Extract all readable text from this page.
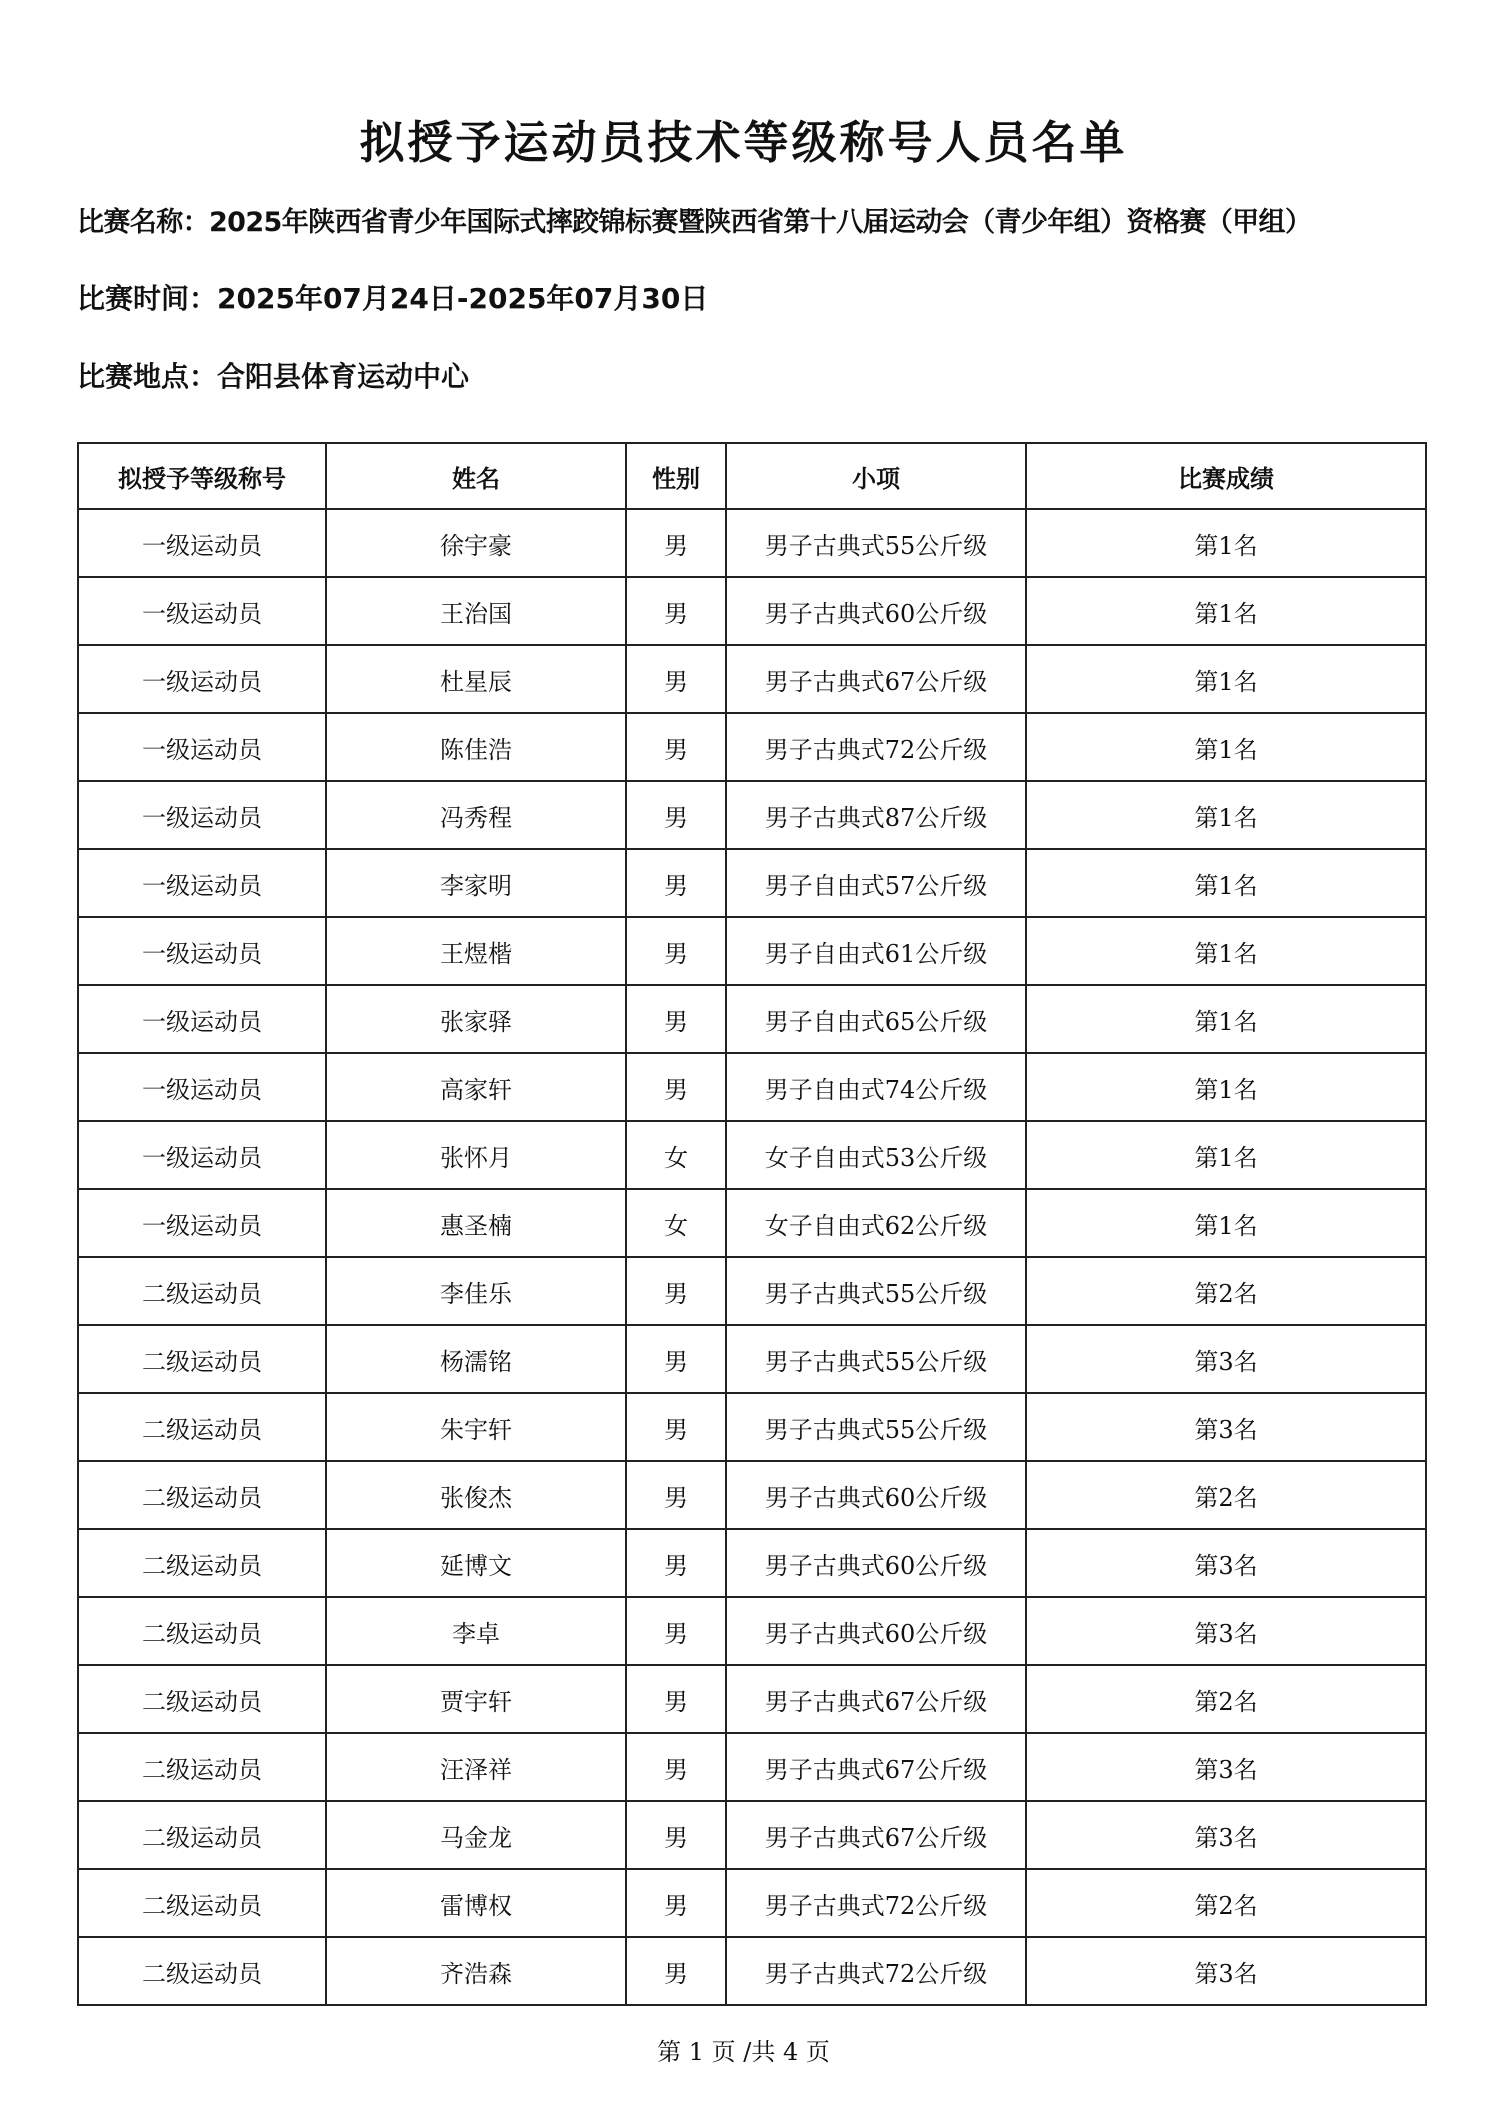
拟授予运动员技术等级称号人员名单
比赛名称：2025年陕西省青少年国际式摔跤锦标赛暨陕西省第十八届运动会（青少年组）资格赛（甲组）
比赛时间：2025年07月24日-2025年07月30日
比赛地点：合阳县体育运动中心
拟授予等级称号	姓名	性别	小项	比赛成绩
一级运动员	徐宇豪	男	男子古典式55公斤级	第1名
一级运动员	王治国	男	男子古典式60公斤级	第1名
一级运动员	杜星辰	男	男子古典式67公斤级	第1名
一级运动员	陈佳浩	男	男子古典式72公斤级	第1名
一级运动员	冯秀程	男	男子古典式87公斤级	第1名
一级运动员	李家明	男	男子自由式57公斤级	第1名
一级运动员	王煜楷	男	男子自由式61公斤级	第1名
一级运动员	张家驿	男	男子自由式65公斤级	第1名
一级运动员	高家轩	男	男子自由式74公斤级	第1名
一级运动员	张怀月	女	女子自由式53公斤级	第1名
一级运动员	惠圣楠	女	女子自由式62公斤级	第1名
二级运动员	李佳乐	男	男子古典式55公斤级	第2名
二级运动员	杨濡铭	男	男子古典式55公斤级	第3名
二级运动员	朱宇轩	男	男子古典式55公斤级	第3名
二级运动员	张俊杰	男	男子古典式60公斤级	第2名
二级运动员	延博文	男	男子古典式60公斤级	第3名
二级运动员	李卓	男	男子古典式60公斤级	第3名
二级运动员	贾宇轩	男	男子古典式67公斤级	第2名
二级运动员	汪泽祥	男	男子古典式67公斤级	第3名
二级运动员	马金龙	男	男子古典式67公斤级	第3名
二级运动员	雷博权	男	男子古典式72公斤级	第2名
二级运动员	齐浩森	男	男子古典式72公斤级	第3名
第 1 页 /共 4 页
